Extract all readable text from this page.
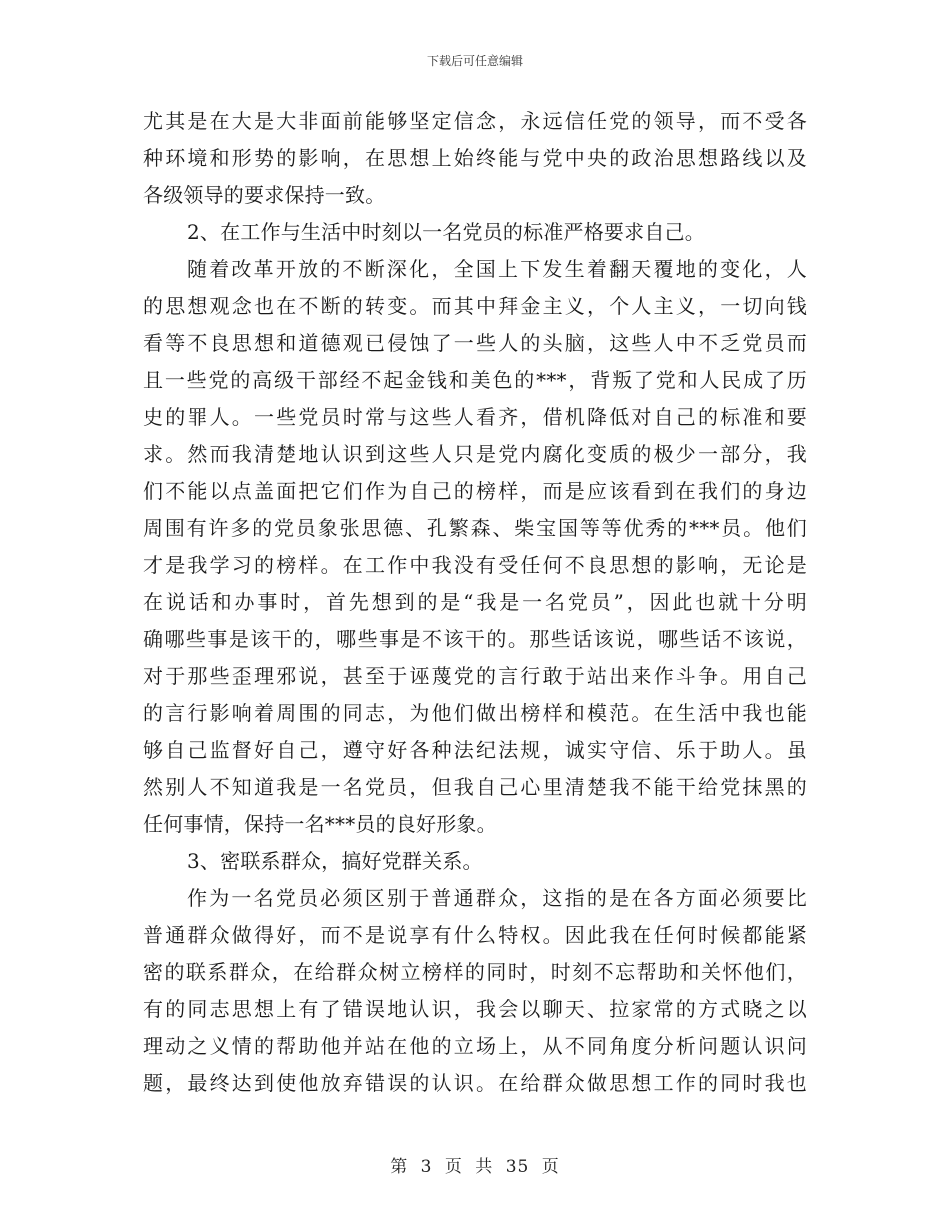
下载后可任意编辑
尤其是在大是大非面前能够坚定信念，永远信任党的领导，而不受各
种环境和形势的影响，在思想上始终能与党中央的政治思想路线以及
各级领导的要求保持一致。
2、在工作与生活中时刻以一名党员的标准严格要求自己。
随着改革开放的不断深化，全国上下发生着翻天覆地的变化，人
的思想观念也在不断的转变。而其中拜金主义，个人主义，一切向钱
看等不良思想和道德观已侵蚀了一些人的头脑，这些人中不乏党员而
且一些党的高级干部经不起金钱和美色的***，背叛了党和人民成了历
史的罪人。一些党员时常与这些人看齐，借机降低对自己的标准和要
求。然而我清楚地认识到这些人只是党内腐化变质的极少一部分，我
们不能以点盖面把它们作为自己的榜样，而是应该看到在我们的身边
周围有许多的党员象张思德、孔繁森、柴宝国等等优秀的***员。他们
才是我学习的榜样。在工作中我没有受任何不良思想的影响，无论是
在说话和办事时，首先想到的是“我是一名党员”，因此也就十分明
确哪些事是该干的，哪些事是不该干的。那些话该说，哪些话不该说，
对于那些歪理邪说，甚至于诬蔑党的言行敢于站出来作斗争。用自己
的言行影响着周围的同志，为他们做出榜样和模范。在生活中我也能
够自己监督好自己，遵守好各种法纪法规，诚实守信、乐于助人。虽
然别人不知道我是一名党员，但我自己心里清楚我不能干给党抹黑的
任何事情，保持一名***员的良好形象。
3、密联系群众，搞好党群关系。
作为一名党员必须区别于普通群众，这指的是在各方面必须要比
普通群众做得好，而不是说享有什么特权。因此我在任何时候都能紧
密的联系群众，在给群众树立榜样的同时，时刻不忘帮助和关怀他们，
有的同志思想上有了错误地认识，我会以聊天、拉家常的方式晓之以
理动之义情的帮助他并站在他的立场上，从不同角度分析问题认识问
题，最终达到使他放弃错误的认识。在给群众做思想工作的同时我也
第 3 页 共 35 页
